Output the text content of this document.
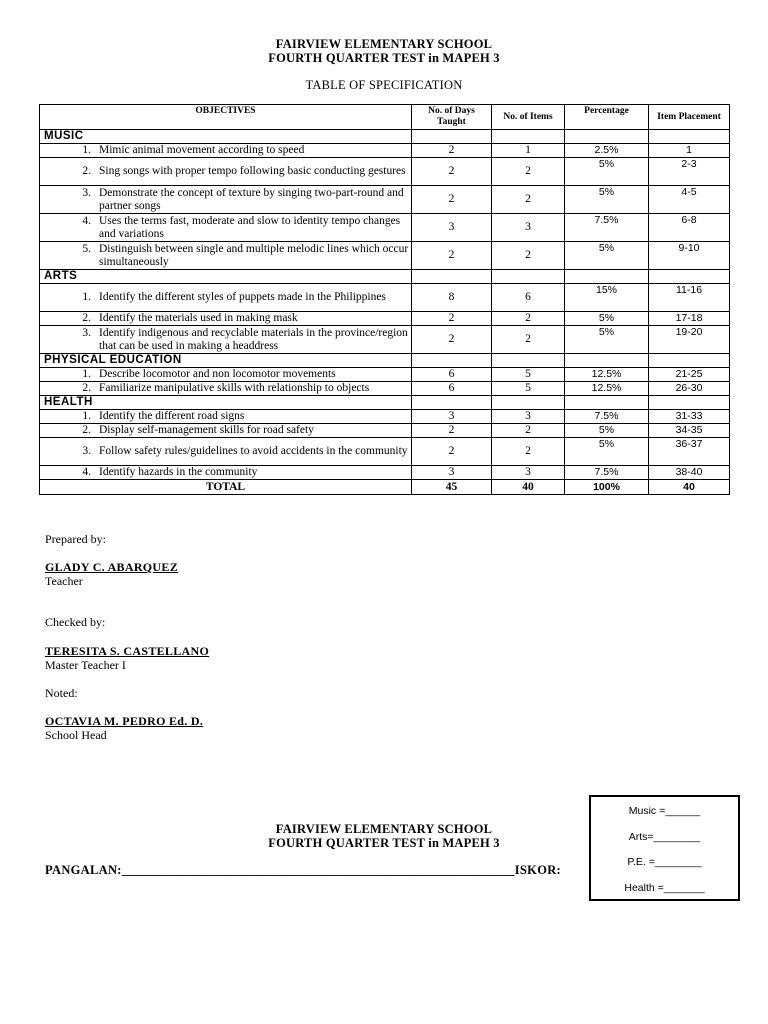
FAIRVIEW ELEMENTARY SCHOOL
FOURTH QUARTER TEST in MAPEH 3
TABLE OF SPECIFICATION
OBJECTIVES	No. of Days Taught	No. of Items	Percentage	Item Placement
MUSIC				

1. Mimic animal movement according to speed	2	1	2.5%	1

2. Sing songs with proper tempo following basic conducting gestures	2	2	5%	2-3

3. Demonstrate the concept of texture by singing two-part-round and partner songs	2	2	5%	4-5

4. Uses the terms fast, moderate and slow to identity tempo changes and variations	3	3	7.5%	6-8

5. Distinguish between single and multiple melodic lines which occur simultaneously	2	2	5%	9-10
ARTS				

1. Identify the different styles of puppets made in the Philippines	8	6	15%	11-16

2. Identify the materials used in making mask	2	2	5%	17-18

3. Identify indigenous and recyclable materials in the province/region that can be used in making a headdress	2	2	5%	19-20
PHYSICAL EDUCATION				

1. Describe locomotor and non locomotor movements	6	5	12.5%	21-25

2. Familiarize manipulative skills with relationship to objects	6	5	12.5%	26-30
HEALTH				

1. Identify the different road signs	3	3	7.5%	31-33

2. Display self-management skills for road safety	2	2	5%	34-35

3. Follow safety rules/guidelines to avoid accidents in the community	2	2	5%	36-37

4. Identify hazards in the community	3	3	7.5%	38-40
TOTAL	45	40	100%	40
Prepared by:
GLADY C. ABARQUEZ
Teacher
Checked by:
TERESITA S. CASTELLANO
Master Teacher I
Noted:
OCTAVIA M. PEDRO Ed. D.
School Head
FAIRVIEW ELEMENTARY SCHOOL
FOURTH QUARTER TEST in MAPEH 3
PANGALAN:____________________________________________________________ISKOR:
Music =______
Arts=________
P.E. =________
Health =_______
